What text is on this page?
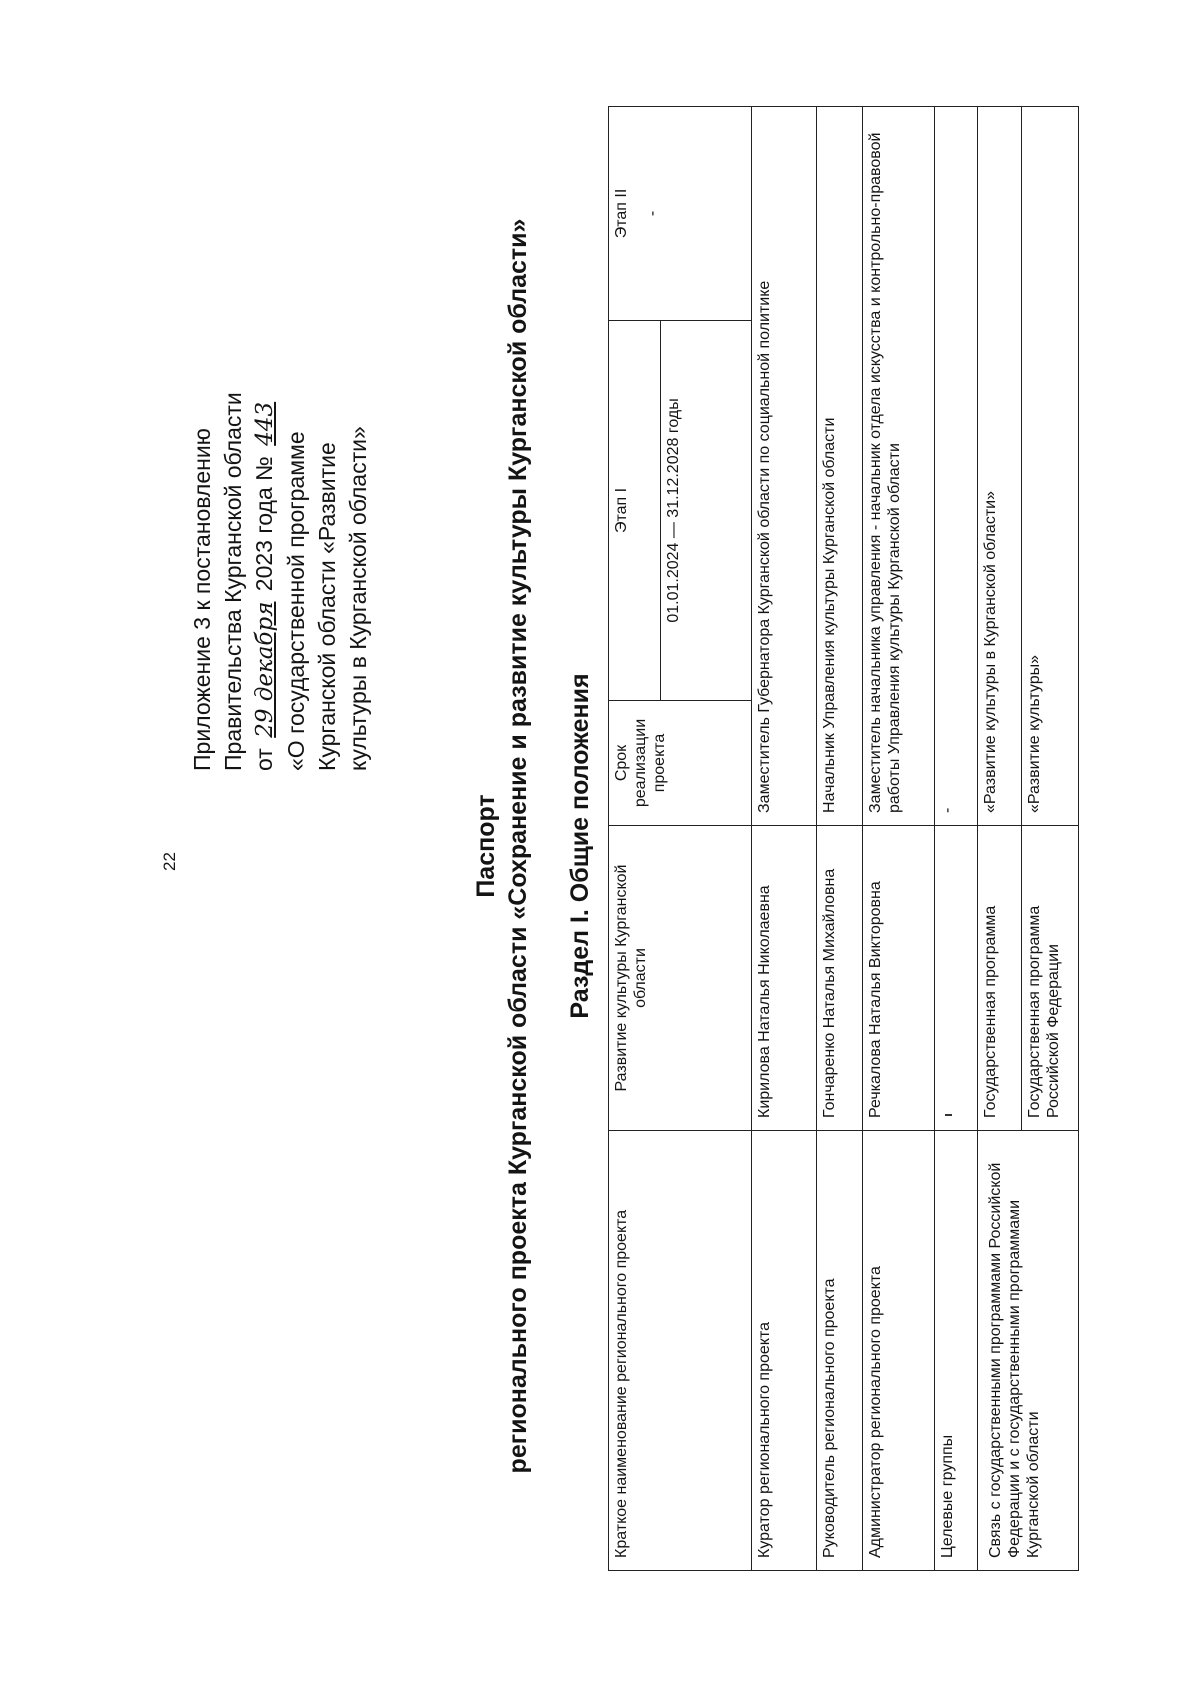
22
Приложение 3 к постановлению Правительства Курганской области от 29 декабря 2023 года № 443
«О государственной программе Курганской области «Развитие культуры в Курганской области»
Паспорт регионального проекта Курганской области «Сохранение и развитие культуры Курганской области» Раздел I. Общие положения
Краткое наименование регионального проекта	Развитие культуры Курганской области	Срок реализации проекта	Этап I	Этап II -

			01.01.2024 — 31.12.2028 годы	
Куратор регионального проекта	Кирилова Наталья Николаевна	Заместитель Губернатора Курганской области по социальной политике		
Руководитель регионального проекта	Гончаренко Наталья Михайловна	Начальник Управления культуры Курганской области		
Администратор регионального проекта	Речкалова Наталья Викторовна	Заместитель начальника управления - начальник отдела искусства и контрольно-правовой работы Управления культуры Курганской области		
Целевые группы		-		
Связь с государственными программами Российской Федерации и с государственными программами Курганской области	Государственная программа	«Развитие культуры в Курганской области»		
	Государственная программа Российской Федерации	«Развитие культуры»		
